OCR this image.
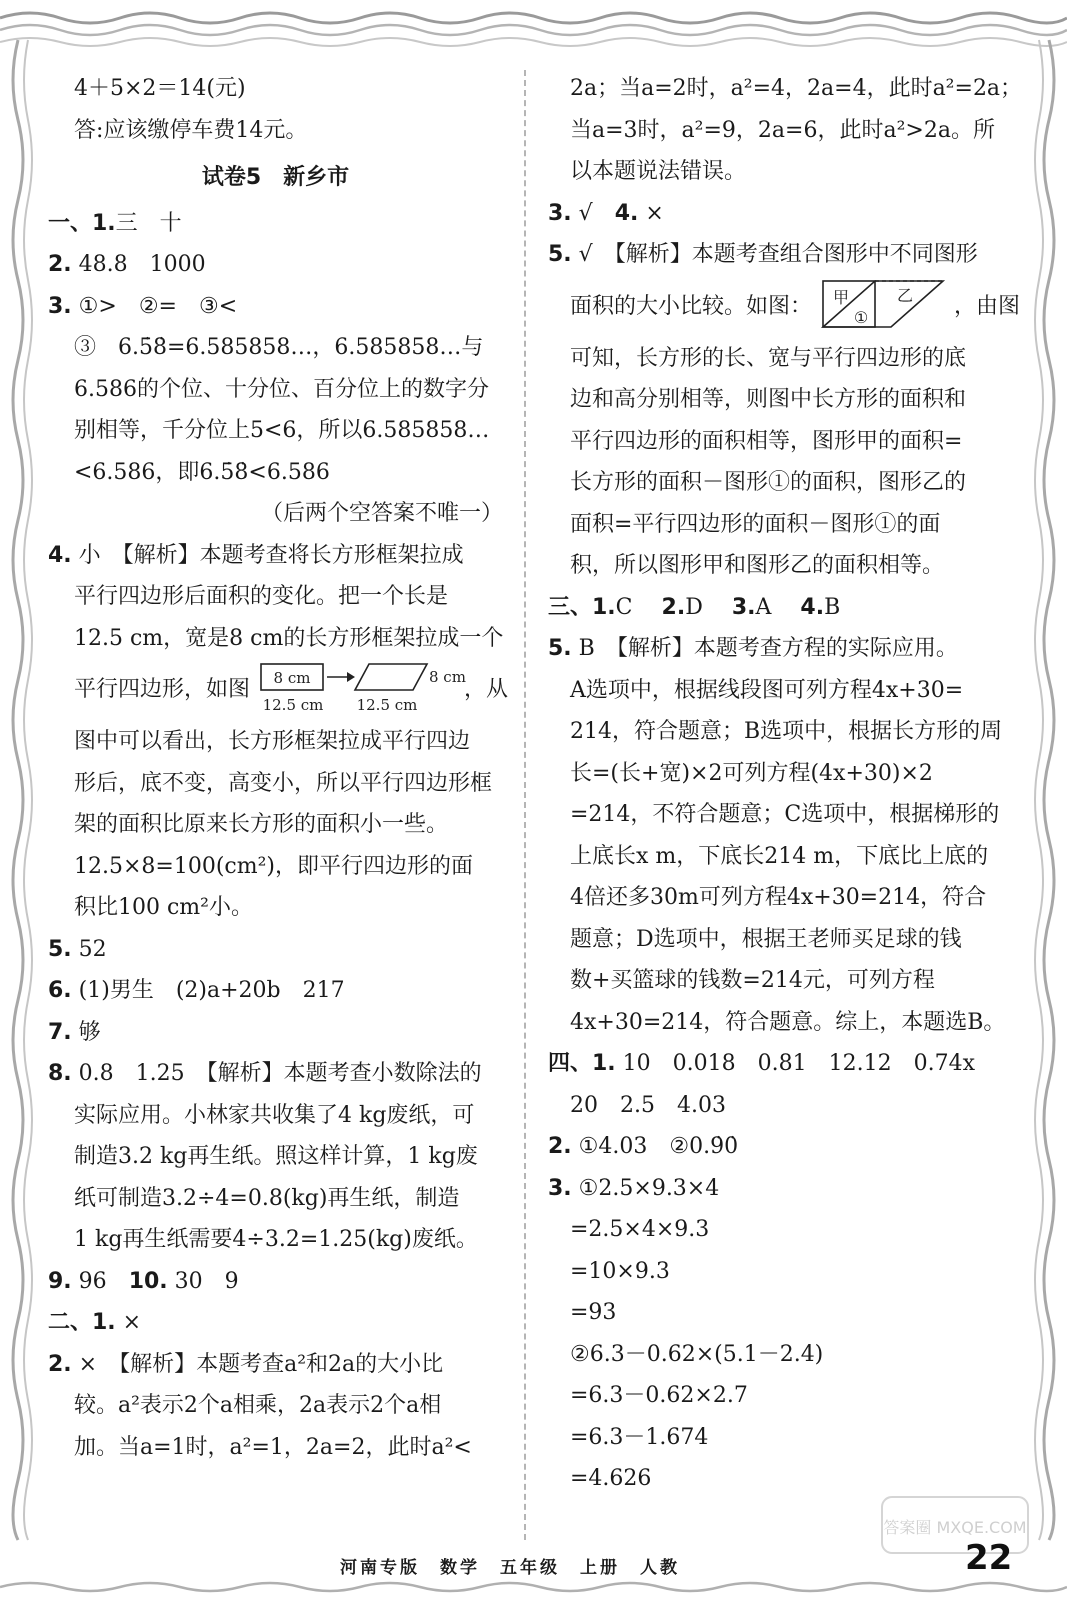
4＋5×2＝14(元)
答:应该缴停车费14元。
试卷5　新乡市
一、1.三　十
2. 48.8　1000
3. ①>　②=　③<
③　6.5̇8̇=6.585858…，6.585858…与
6.586的个位、十分位、百分位上的数字分
别相等，千分位上5<6，所以6.585858…
<6.586，即6.5̇8̇<6.586
（后两个空答案不唯一）
4. 小　【解析】本题考查将长方形框架拉成
平行四边形后面积的变化。把一个长是
12.5 cm，宽是8 cm的长方形框架拉成一个
平行四边形，如图 8 cm
12.5 cm
8 cm
12.5 cm
，从
图中可以看出，长方形框架拉成平行四边
形后，底不变，高变小，所以平行四边形框
架的面积比原来长方形的面积小一些。
12.5×8=100(cm²)，即平行四边形的面
积比100 cm²小。
5. 52
6. (1)男生　(2)a+20b　217
7. 够
8. 0.8　1.25　【解析】本题考查小数除法的
实际应用。小林家共收集了4 kg废纸，可
制造3.2 kg再生纸。照这样计算，1 kg废
纸可制造3.2÷4=0.8(kg)再生纸，制造
1 kg再生纸需要4÷3.2=1.25(kg)废纸。
9. 96　 10. 30　9
二、1. ×
2. ×　【解析】本题考查a²和2a的大小比
较。a²表示2个a相乘，2a表示2个a相
加。当a=1时，a²=1，2a=2，此时a²<
2a；当a=2时，a²=4，2a=4，此时a²=2a；
当a=3时，a²=9，2a=6，此时a²>2a。所
以本题说法错误。
3. √　 4. ×
5. √　【解析】本题考查组合图形中不同图形
面积的大小比较。如图： 甲	乙
①	，由图
可知，长方形的长、宽与平行四边形的底
边和高分别相等，则图中长方形的面积和
平行四边形的面积相等，图形甲的面积=
长方形的面积－图形①的面积，图形乙的
面积=平行四边形的面积－图形①的面
积，所以图形甲和图形乙的面积相等。
三、1.C　 2.D　 3.A　 4.B
5. B　【解析】本题考查方程的实际应用。
A选项中，根据线段图可列方程4x+30=
214，符合题意；B选项中，根据长方形的周
长=(长+宽)×2可列方程(4x+30)×2
=214，不符合题意；C选项中，根据梯形的
上底长x m，下底长214 m，下底比上底的
4倍还多30m可列方程4x+30=214，符合
题意；D选项中，根据王老师买足球的钱
数+买篮球的钱数=214元，可列方程
4x+30=214，符合题意。综上，本题选B。
四、1. 10　0.018　0.81　12.12　0.74x
20　2.5　4.03
2. ①4.03　②0.9̇0̇
3. ①2.5×9.3×4
=2.5×4×9.3
=10×9.3
=93
②6.3－0.62×(5.1－2.4)
=6.3－0.62×2.7
=6.3－1.674
=4.626
答案圈 MXQE.COM
河南专版　数学　五年级　上册　人教	22
